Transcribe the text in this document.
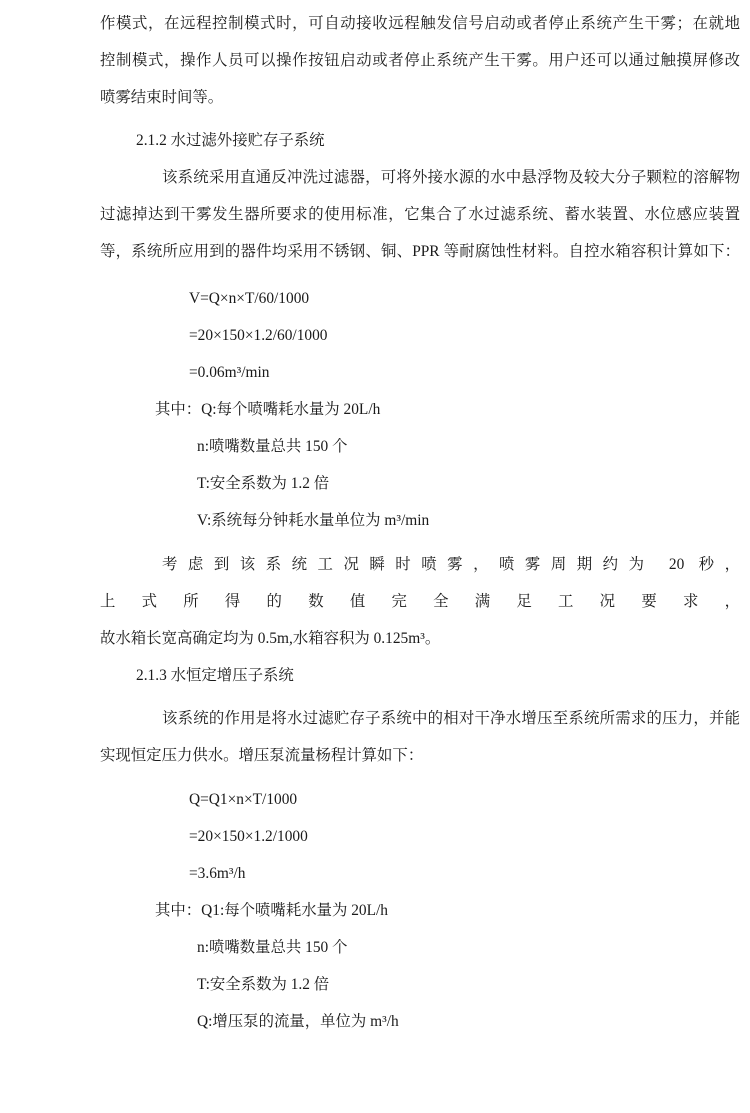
作模式，在远程控制模式时，可自动接收远程触发信号启动或者停止系统产生干雾；在就地
控制模式，操作人员可以操作按钮启动或者停止系统产生干雾。用户还可以通过触摸屏修改
喷雾结束时间等。
2.1.2 水过滤外接贮存子系统
该系统采用直通反冲洗过滤器，可将外接水源的水中悬浮物及较大分子颗粒的溶解物
过滤掉达到干雾发生器所要求的使用标准，它集合了水过滤系统、蓄水装置、水位感应装置
等，系统所应用到的器件均采用不锈钢、铜、PPR 等耐腐蚀性材料。自控水箱容积计算如下：
V=Q×n×T/60/1000
=20×150×1.2/60/1000
=0.06m³/min
其中：Q:每个喷嘴耗水量为 20L/h
n:喷嘴数量总共 150 个
T:安全系数为 1.2 倍
V:系统每分钟耗水量单位为 m³/min
考虑到该系统工况瞬时喷雾，喷雾周期约为 20 秒，上式所得的数值完全满足工况要求，
故水箱长宽高确定均为 0.5m,水箱容积为 0.125m³。
2.1.3 水恒定增压子系统
该系统的作用是将水过滤贮存子系统中的相对干净水增压至系统所需求的压力，并能
实现恒定压力供水。增压泵流量杨程计算如下：
Q=Q1×n×T/1000
=20×150×1.2/1000
=3.6m³/h
其中：Q1:每个喷嘴耗水量为 20L/h
n:喷嘴数量总共 150 个
T:安全系数为 1.2 倍
Q:增压泵的流量，单位为 m³/h
